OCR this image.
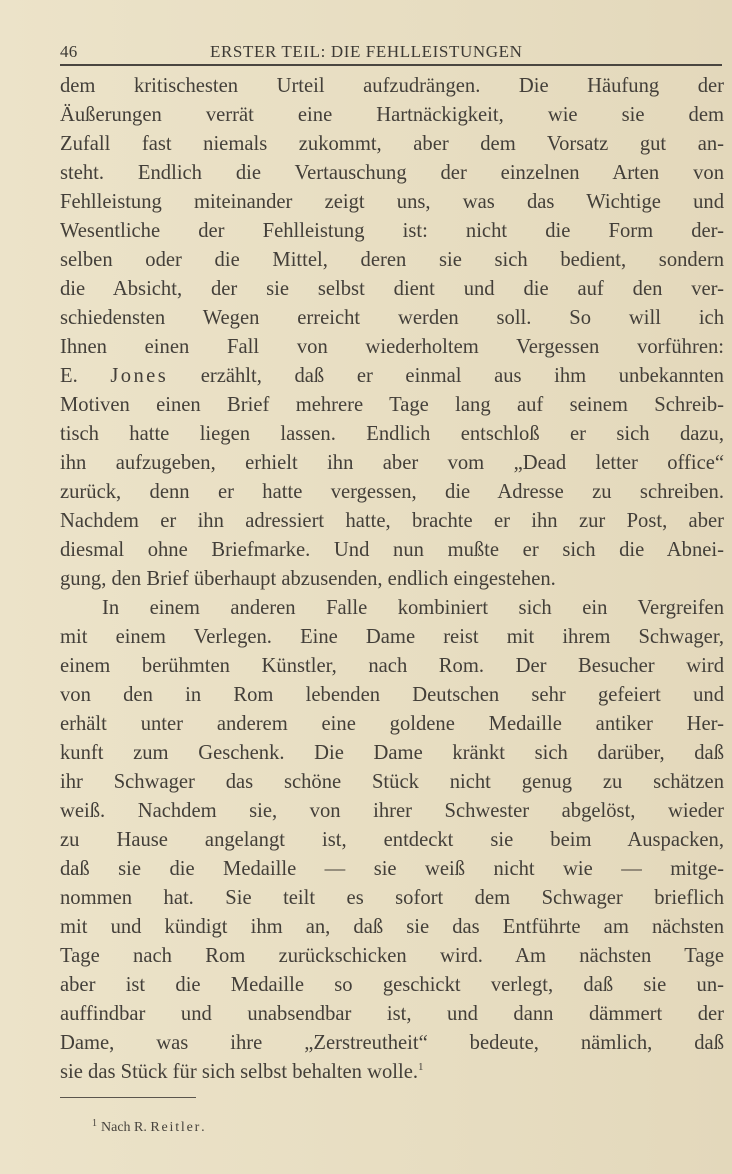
46	ERSTER TEIL: DIE FEHLLEISTUNGEN
dem kritischesten Urteil aufzudrängen. Die Häufung der
Äußerungen verrät eine Hartnäckigkeit, wie sie dem
Zufall fast niemals zukommt, aber dem Vorsatz gut an-
steht. Endlich die Vertauschung der einzelnen Arten von
Fehlleistung miteinander zeigt uns, was das Wichtige und
Wesentliche der Fehlleistung ist: nicht die Form der-
selben oder die Mittel, deren sie sich bedient, sondern
die Absicht, der sie selbst dient und die auf den ver-
schiedensten Wegen erreicht werden soll. So will ich
Ihnen einen Fall von wiederholtem Vergessen vorführen:
E. Jones erzählt, daß er einmal aus ihm unbekannten
Motiven einen Brief mehrere Tage lang auf seinem Schreib-
tisch hatte liegen lassen. Endlich entschloß er sich dazu,
ihn aufzugeben, erhielt ihn aber vom „Dead letter office“
zurück, denn er hatte vergessen, die Adresse zu schreiben.
Nachdem er ihn adressiert hatte, brachte er ihn zur Post, aber
diesmal ohne Briefmarke. Und nun mußte er sich die Abnei-
gung, den Brief überhaupt abzusenden, endlich eingestehen.
In einem anderen Falle kombiniert sich ein Vergreifen
mit einem Verlegen. Eine Dame reist mit ihrem Schwager,
einem berühmten Künstler, nach Rom. Der Besucher wird
von den in Rom lebenden Deutschen sehr gefeiert und
erhält unter anderem eine goldene Medaille antiker Her-
kunft zum Geschenk. Die Dame kränkt sich darüber, daß
ihr Schwager das schöne Stück nicht genug zu schätzen
weiß. Nachdem sie, von ihrer Schwester abgelöst, wieder
zu Hause angelangt ist, entdeckt sie beim Auspacken,
daß sie die Medaille — sie weiß nicht wie — mitge-
nommen hat. Sie teilt es sofort dem Schwager brieflich
mit und kündigt ihm an, daß sie das Entführte am nächsten
Tage nach Rom zurückschicken wird. Am nächsten Tage
aber ist die Medaille so geschickt verlegt, daß sie un-
auffindbar und unabsendbar ist, und dann dämmert der
Dame, was ihre „Zerstreutheit“ bedeute, nämlich, daß
sie das Stück für sich selbst behalten wolle.$^1$
$^1$ Nach R. Reitler.
